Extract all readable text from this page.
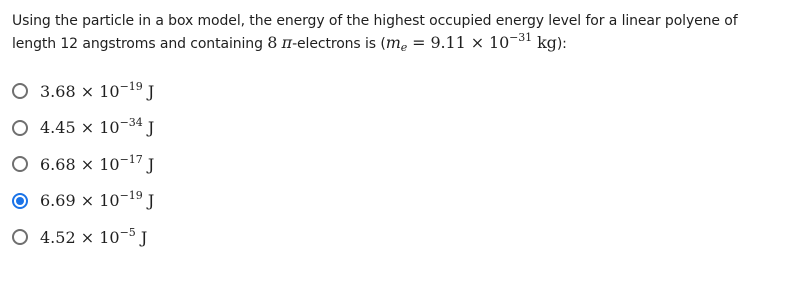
Using the particle in a box model, the energy of the highest occupied energy level for a linear polyene of length 12 angstroms and containing 8 π-electrons is ($m_e = 9.11 \times 10^{-31}$ kg):
$3.68 \times 10^{-19}$ J
$4.45 \times 10^{-34}$ J
$6.68 \times 10^{-17}$ J
$6.69 \times 10^{-19}$ J
$4.52 \times 10^{-5}$ J
